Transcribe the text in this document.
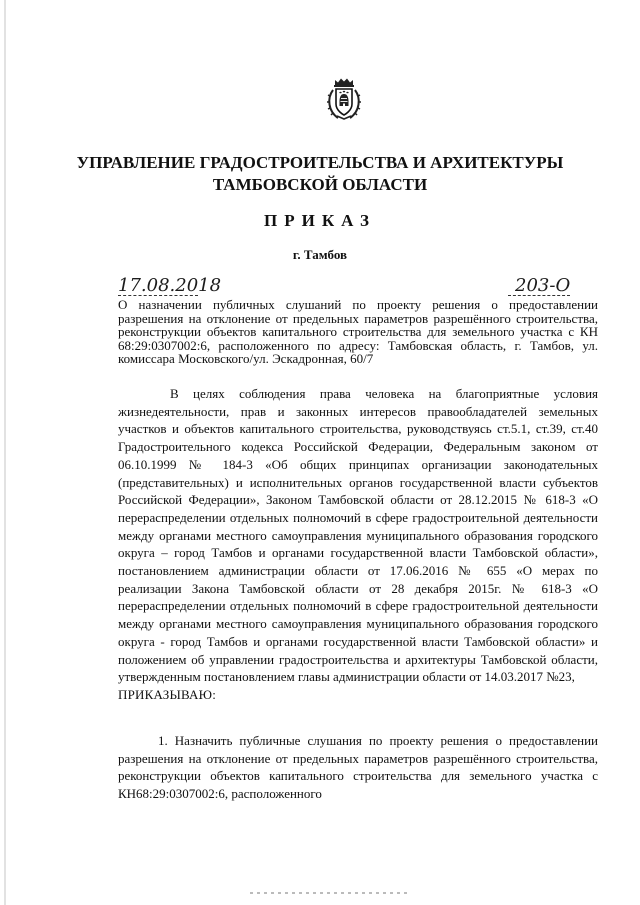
УПРАВЛЕНИЕ ГРАДОСТРОИТЕЛЬСТВА И АРХИТЕКТУРЫ
ТАМБОВСКОЙ ОБЛАСТИ
ПРИКАЗ
г. Тамбов
17.08.2018	203-О
О назначении публичных слушаний по проекту решения о предоставлении разрешения на отклонение от предельных параметров разрешённого строительства, реконструкции объектов капитального строительства для земельного участка с КН 68:29:0307002:6, расположенного по адресу: Тамбовская область, г. Тамбов, ул. комиссара Московского/ул. Эскадронная, 60/7
В целях соблюдения права человека на благоприятные условия жизнедеятельности, прав и законных интересов правообладателей земельных участков и объектов капитального строительства, руководствуясь ст.5.1, ст.39, ст.40 Градостроительного кодекса Российской Федерации, Федеральным законом от 06.10.1999 № 184-3 «Об общих принципах организации законодательных (представительных) и исполнительных органов государственной власти субъектов Российской Федерации», Законом Тамбовской области от 28.12.2015 № 618-3 «О перераспределении отдельных полномочий в сфере градостроительной деятельности между органами местного самоуправления муниципального образования городского округа – город Тамбов и органами государственной власти Тамбовской области», постановлением администрации области от 17.06.2016 № 655 «О мерах по реализации Закона Тамбовской области от 28 декабря 2015г. № 618-3 «О перераспределении отдельных полномочий в сфере градостроительной деятельности между органами местного самоуправления муниципального образования городского округа - город Тамбов и органами государственной власти Тамбовской области» и положением об управлении градостроительства и архитектуры Тамбовской области, утвержденным постановлением главы администрации области от 14.03.2017 №23,
ПРИКАЗЫВАЮ:
1. Назначить публичные слушания по проекту решения о предоставлении разрешения на отклонение от предельных параметров разрешённого строительства, реконструкции объектов капитального строительства для земельного участка с КН68:29:0307002:6, расположенного
